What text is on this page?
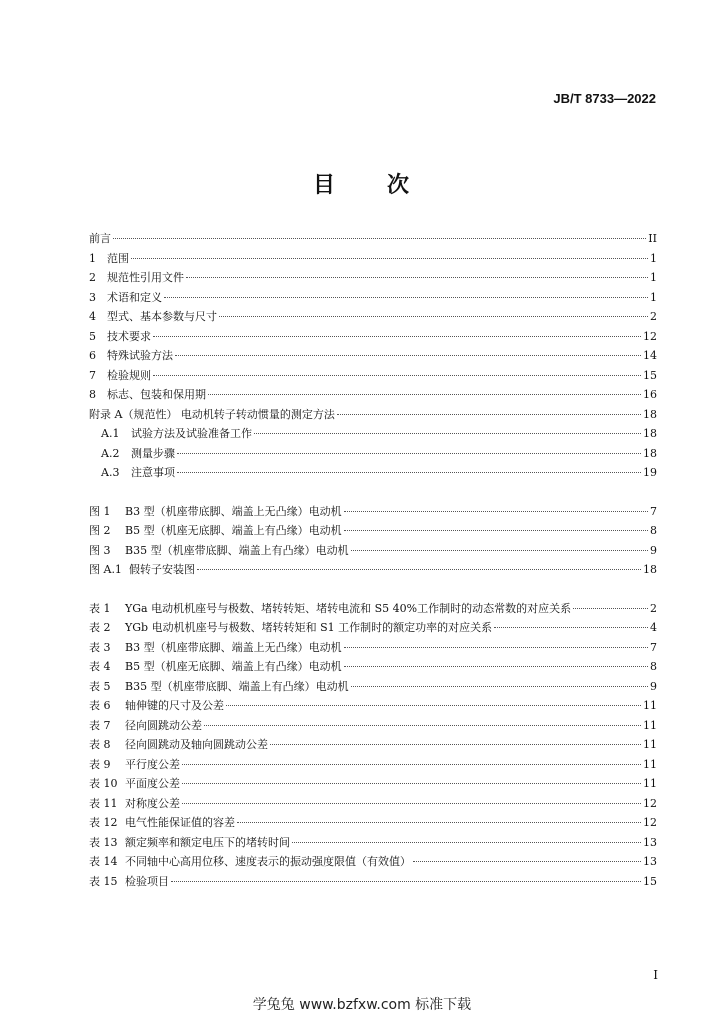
JB/T 8733—2022
目 次
前言	II
1	范围	1
2	规范性引用文件	1
3	术语和定义	1
4	型式、基本参数与尺寸	2
5	技术要求	12
6	特殊试验方法	14
7	检验规则	15
8	标志、包装和保用期	16
附录 A（规范性） 电动机转子转动惯量的测定方法	18
A.1	试验方法及试验准备工作	18
A.2	测量步骤	18
A.3	注意事项	19
图 1	B3 型（机座带底脚、端盖上无凸缘）电动机	7
图 2	B5 型（机座无底脚、端盖上有凸缘）电动机	8
图 3	B35 型（机座带底脚、端盖上有凸缘）电动机	9
图 A.1 假转子安装图	18
表 1	YGa 电动机机座号与极数、堵转转矩、堵转电流和 S5 40%工作制时的动态常数的对应关系	2
表 2	YGb 电动机机座号与极数、堵转转矩和 S1 工作制时的额定功率的对应关系	4
表 3	B3 型（机座带底脚、端盖上无凸缘）电动机	7
表 4	B5 型（机座无底脚、端盖上有凸缘）电动机	8
表 5	B35 型（机座带底脚、端盖上有凸缘）电动机	9
表 6	轴伸键的尺寸及公差	11
表 7	径向圆跳动公差	11
表 8	径向圆跳动及轴向圆跳动公差	11
表 9	平行度公差	11
表 10 平面度公差	11
表 11 对称度公差	12
表 12 电气性能保证值的容差	12
表 13 额定频率和额定电压下的堵转时间	13
表 14 不同轴中心高用位移、速度表示的振动强度限值（有效值）	13
表 15 检验项目	15
I
学兔兔 www.bzfxw.com 标准下载
